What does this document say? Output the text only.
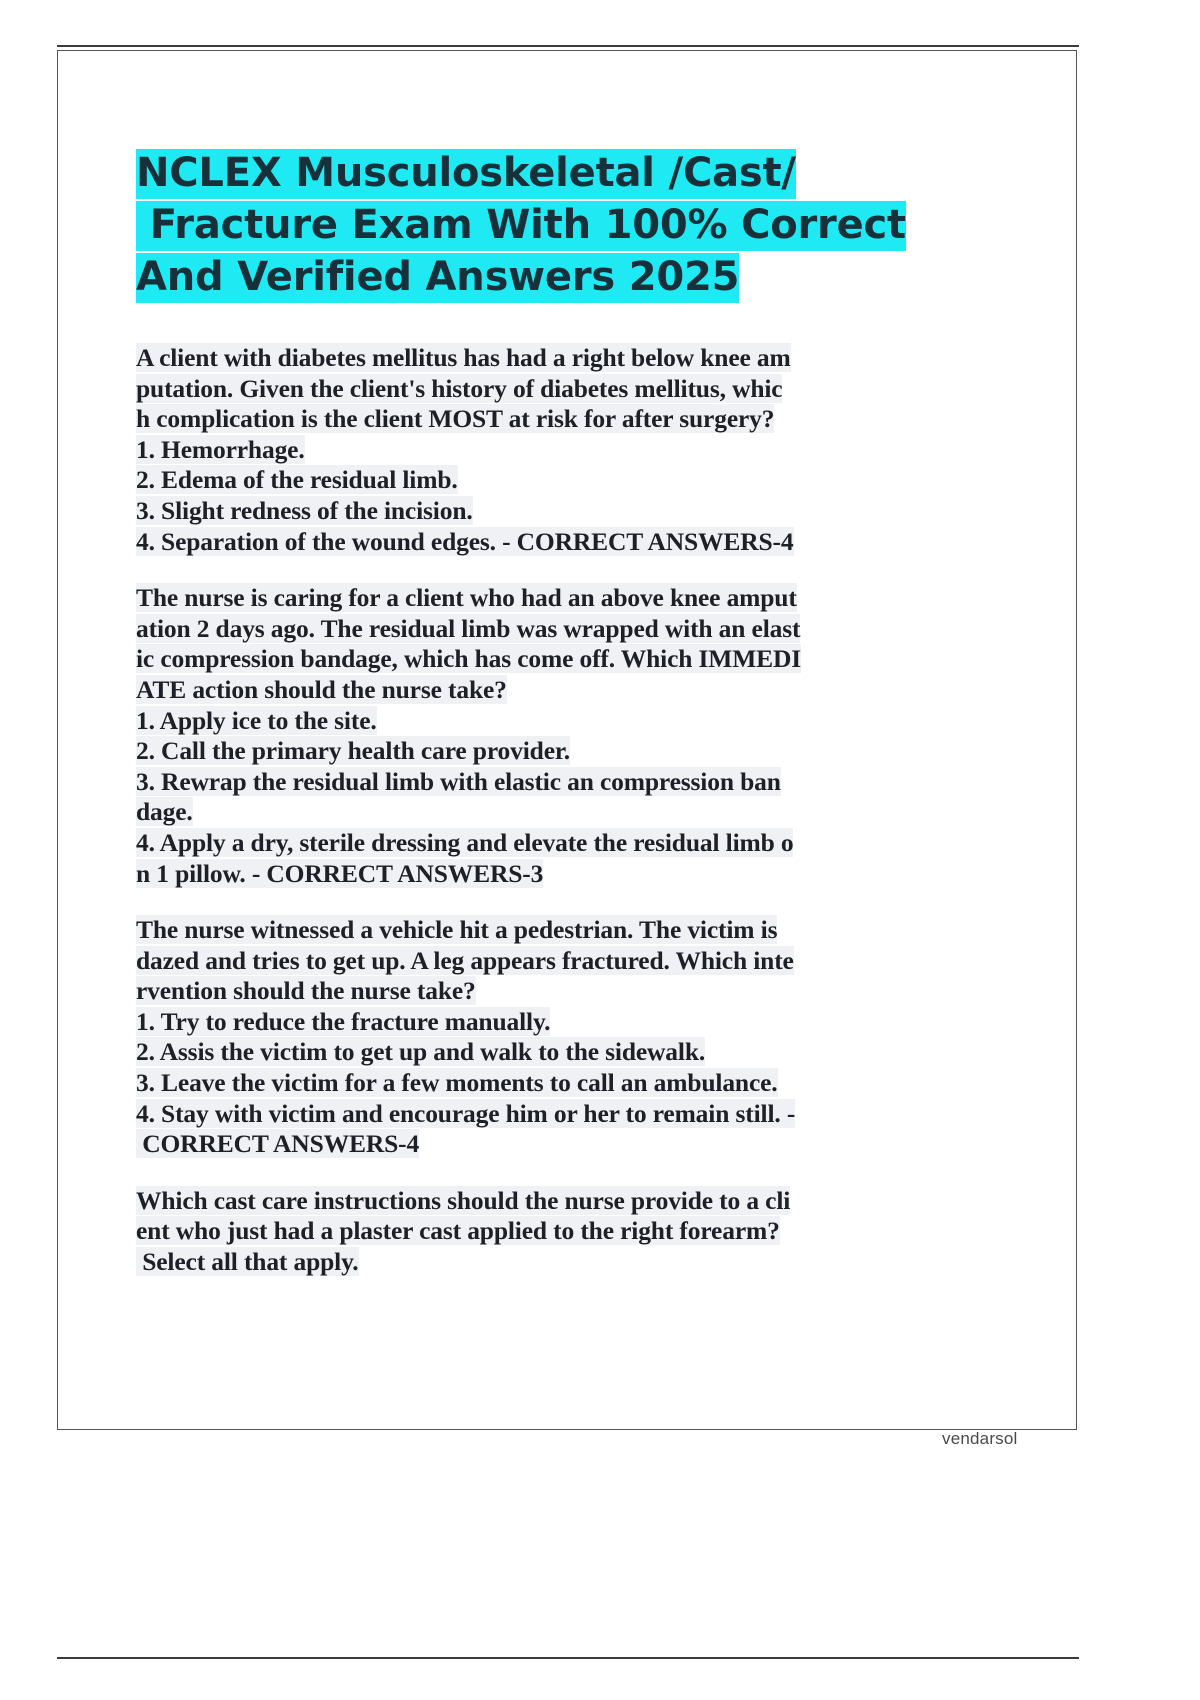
NCLEX Musculoskeletal /Cast/
Fracture Exam With 100% Correct
And Verified Answers 2025
A client with diabetes mellitus has had a right below knee am
putation. Given the client's history of diabetes mellitus, whic
h complication is the client MOST at risk for after surgery?
1. Hemorrhage.
2. Edema of the residual limb.
3. Slight redness of the incision.
4. Separation of the wound edges. - CORRECT ANSWERS-4
The nurse is caring for a client who had an above knee amput
ation 2 days ago. The residual limb was wrapped with an elast
ic compression bandage, which has come off. Which IMMEDI
ATE action should the nurse take?
1. Apply ice to the site.
2. Call the primary health care provider.
3. Rewrap the residual limb with elastic an compression ban
dage.
4. Apply a dry, sterile dressing and elevate the residual limb o
n 1 pillow. - CORRECT ANSWERS-3
The nurse witnessed a vehicle hit a pedestrian. The victim is
dazed and tries to get up. A leg appears fractured. Which inte
rvention should the nurse take?
1. Try to reduce the fracture manually.
2. Assis the victim to get up and walk to the sidewalk.
3. Leave the victim for a few moments to call an ambulance.
4. Stay with victim and encourage him or her to remain still. -
CORRECT ANSWERS-4
Which cast care instructions should the nurse provide to a cli
ent who just had a plaster cast applied to the right forearm?
Select all that apply.
vendarsol
